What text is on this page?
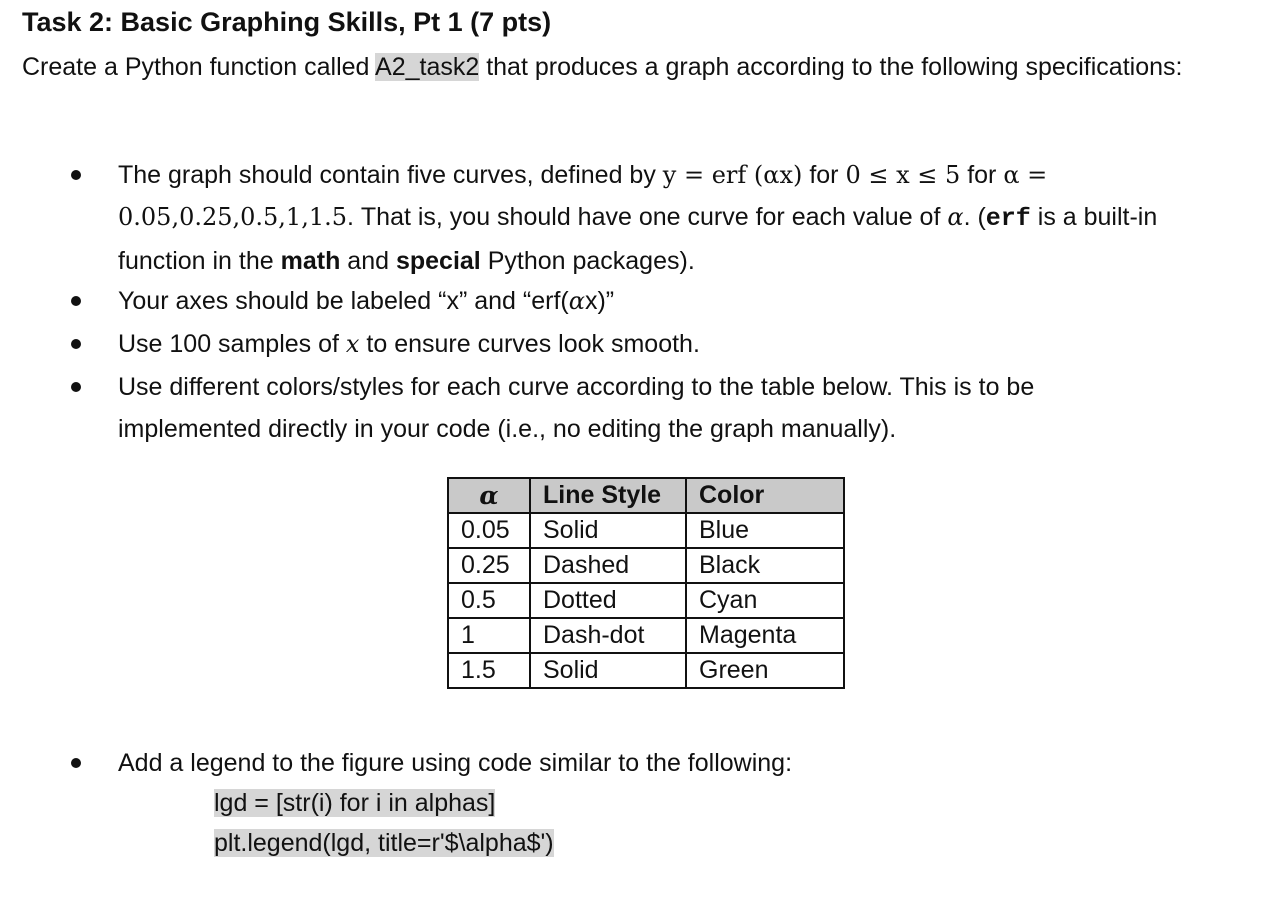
Task 2: Basic Graphing Skills, Pt 1 (7 pts)
Create a Python function called A2_task2 that produces a graph according to the following specifications:
The graph should contain five curves, defined by y = erf (αx) for 0 ≤ x ≤ 5 for α = 0.05,0.25,0.5,1,1.5. That is, you should have one curve for each value of α. (erf is a built-in function in the math and special Python packages).
Your axes should be labeled “x” and “erf(αx)”
Use 100 samples of x to ensure curves look smooth.
Use different colors/styles for each curve according to the table below. This is to be implemented directly in your code (i.e., no editing the graph manually).
α	Line Style	Color
0.05	Solid	Blue
0.25	Dashed	Black
0.5	Dotted	Cyan
1	Dash-dot	Magenta
1.5	Solid	Green
Add a legend to the figure using code similar to the following:
lgd = [str(i) for i in alphas]
plt.legend(lgd, title=r'$\alpha$')
